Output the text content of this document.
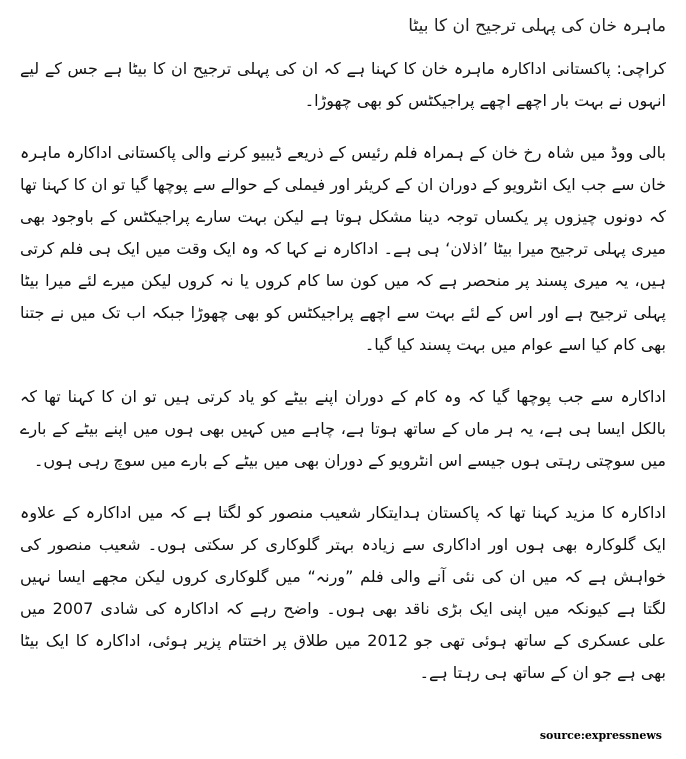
ماہرہ خان کی پہلی ترجیح ان کا بیٹا

کراچی: پاکستانی اداکارہ ماہرہ خان کا کہنا ہے کہ ان کی پہلی ترجیح ان کا بیٹا ہے جس کے لیے انہوں نے بہت بار اچھے اچھے پراجیکٹس کو بھی چھوڑا۔

بالی ووڈ میں شاہ رخ خان کے ہمراہ فلم رئیس کے ذریعے ڈیبیو کرنے والی پاکستانی اداکارہ ماہرہ خان سے جب ایک انٹرویو کے دوران ان کے کریئر اور فیملی کے حوالے سے پوچھا گیا تو ان کا کہنا تھا کہ دونوں چیزوں پر یکساں توجہ دینا مشکل ہوتا ہے لیکن بہت سارے پراجیکٹس کے باوجود بھی میری پہلی ترجیح میرا بیٹا ’اذلان‘ ہی ہے۔ اداکارہ نے کہا کہ وہ ایک وقت میں ایک ہی فلم کرتی ہیں، یہ میری پسند پر منحصر ہے کہ میں کون سا کام کروں یا نہ کروں لیکن میرے لئے میرا بیٹا پہلی ترجیح ہے اور اس کے لئے بہت سے اچھے پراجیکٹس کو بھی چھوڑا جبکہ اب تک میں نے جتنا بھی کام کیا اسے عوام میں بہت پسند کیا گیا۔

اداکارہ سے جب پوچھا گیا کہ وہ کام کے دوران اپنے بیٹے کو یاد کرتی ہیں تو ان کا کہنا تھا کہ بالکل ایسا ہی ہے، یہ ہر ماں کے ساتھ ہوتا ہے، چاہے میں کہیں بھی ہوں میں اپنے بیٹے کے بارے میں سوچتی رہتی ہوں جیسے اس انٹرویو کے دوران بھی میں بیٹے کے بارے میں سوچ رہی ہوں۔

اداکارہ کا مزید کہنا تھا کہ پاکستان ہدایتکار شعیب منصور کو لگتا ہے کہ میں اداکارہ کے علاوہ ایک گلوکارہ بھی ہوں اور اداکاری سے زیادہ بہتر گلوکاری کر سکتی ہوں۔ شعیب منصور کی خواہش ہے کہ میں ان کی نئی آنے والی فلم ”ورنہ“ میں گلوکاری کروں لیکن مجھے ایسا نہیں لگتا ہے کیونکہ میں اپنی ایک بڑی ناقد بھی ہوں۔ واضح رہے کہ اداکارہ کی شادی 2007 میں علی عسکری کے ساتھ ہوئی تھی جو 2012 میں طلاق پر اختتام پزیر ہوئی، اداکارہ کا ایک بیٹا بھی ہے جو ان کے ساتھ ہی رہتا ہے۔

source:expressnews
